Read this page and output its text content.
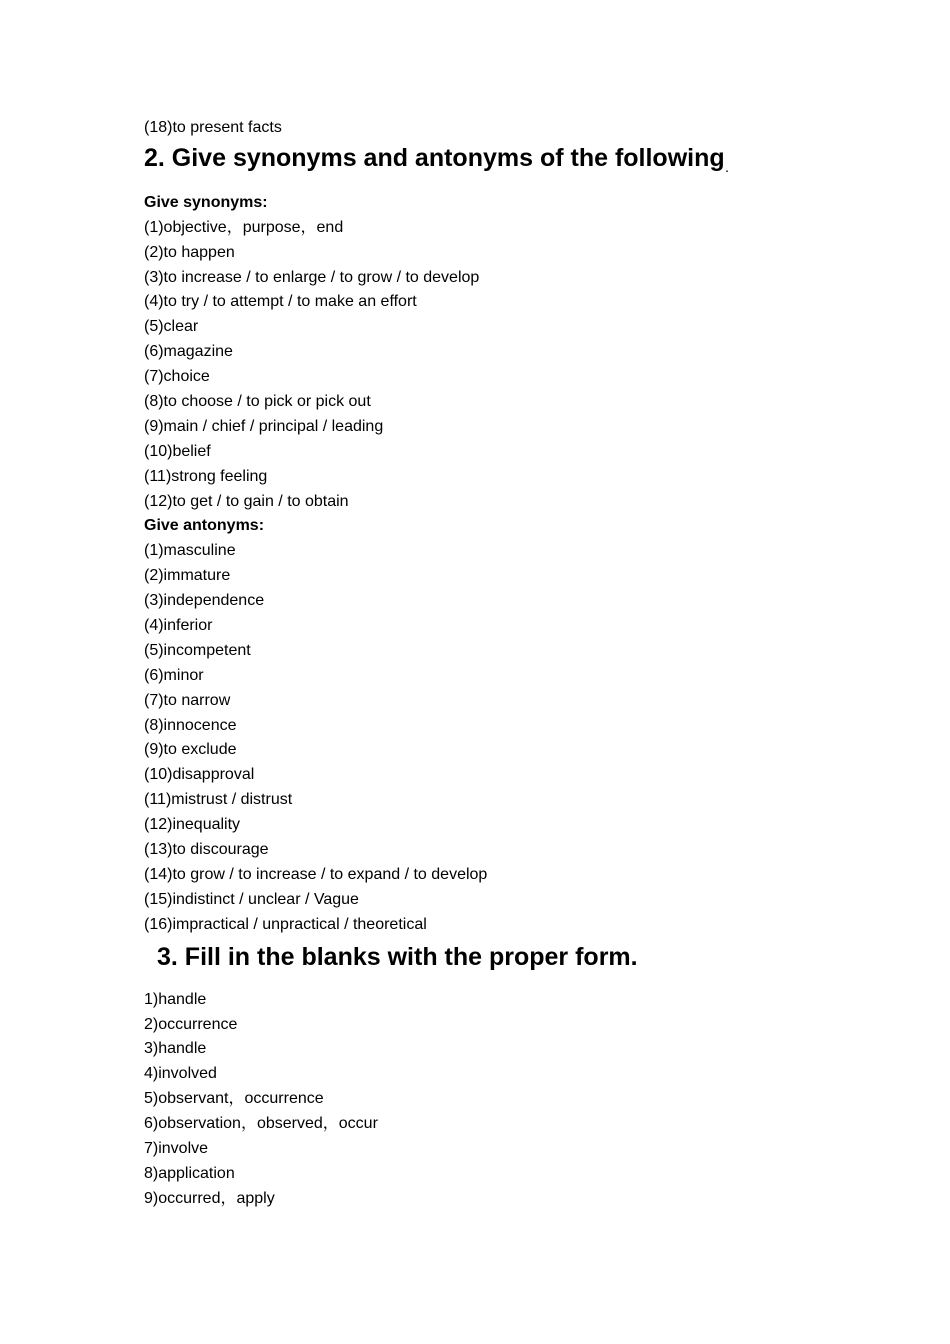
(18)to present facts
2. Give synonyms and antonyms of the following.
Give synonyms:
(1)objective，purpose，end
(2)to happen
(3)to increase / to enlarge / to grow / to develop
(4)to try / to attempt / to make an effort
(5)clear
(6)magazine
(7)choice
(8)to choose / to pick or pick out
(9)main / chief / principal / leading
(10)belief
(11)strong feeling
(12)to get / to gain / to obtain
Give antonyms:
(1)masculine
(2)immature
(3)independence
(4)inferior
(5)incompetent
(6)minor
(7)to narrow
(8)innocence
(9)to exclude
(10)disapproval
(11)mistrust / distrust
(12)inequality
(13)to discourage
(14)to grow / to increase / to expand / to develop
(15)indistinct / unclear / Vague
(16)impractical / unpractical / theoretical
3. Fill in the blanks with the proper form.
1)handle
2)occurrence
3)handle
4)involved
5)observant，occurrence
6)observation，observed，occur
7)involve
8)application
9)occurred，apply
